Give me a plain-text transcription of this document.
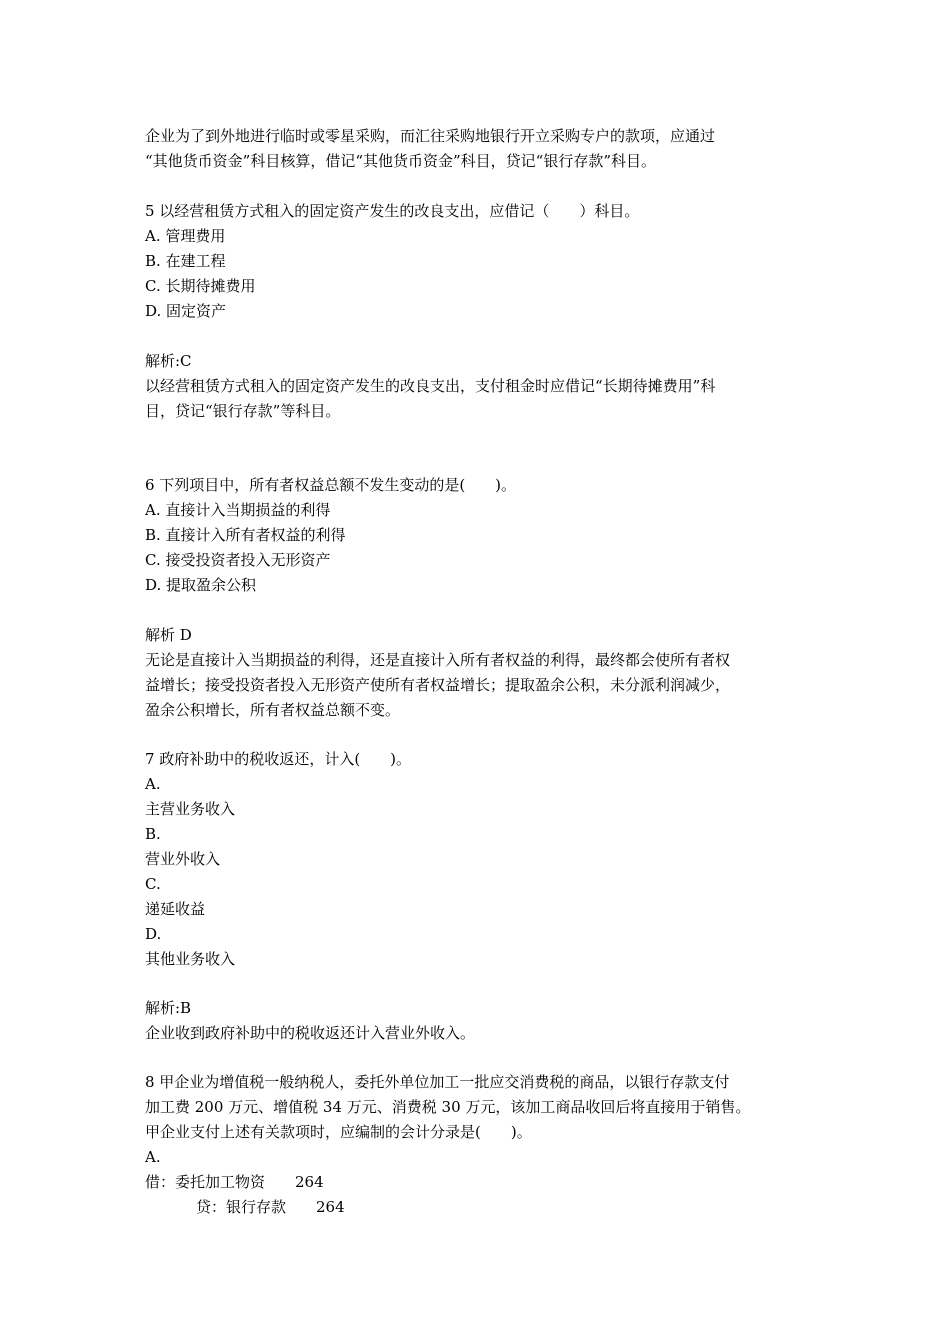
企业为了到外地进行临时或零星采购，而汇往采购地银行开立采购专户的款项，应通过
“其他货币资金”科目核算，借记“其他货币资金”科目，贷记“银行存款”科目。
5 以经营租赁方式租入的固定资产发生的改良支出，应借记（　　）科目。
A. 管理费用
B. 在建工程
C. 长期待摊费用
D. 固定资产
解析:C
以经营租赁方式租入的固定资产发生的改良支出，支付租金时应借记“长期待摊费用”科
目，贷记“银行存款”等科目。
6 下列项目中，所有者权益总额不发生变动的是(　　)。
A. 直接计入当期损益的利得
B. 直接计入所有者权益的利得
C. 接受投资者投入无形资产
D. 提取盈余公积
解析 D
无论是直接计入当期损益的利得，还是直接计入所有者权益的利得，最终都会使所有者权
益增长；接受投资者投入无形资产使所有者权益增长；提取盈余公积，未分派利润减少，
盈余公积增长，所有者权益总额不变。
7 政府补助中的税收返还，计入(　　)。
A.
主营业务收入
B.
营业外收入
C.
递延收益
D.
其他业务收入
解析:B
企业收到政府补助中的税收返还计入营业外收入。
8 甲企业为增值税一般纳税人，委托外单位加工一批应交消费税的商品，以银行存款支付
加工费 200 万元、增值税 34 万元、消费税 30 万元，该加工商品收回后将直接用于销售。
甲企业支付上述有关款项时，应编制的会计分录是(　　)。
A.
借：委托加工物资　　264
贷：银行存款　　264
